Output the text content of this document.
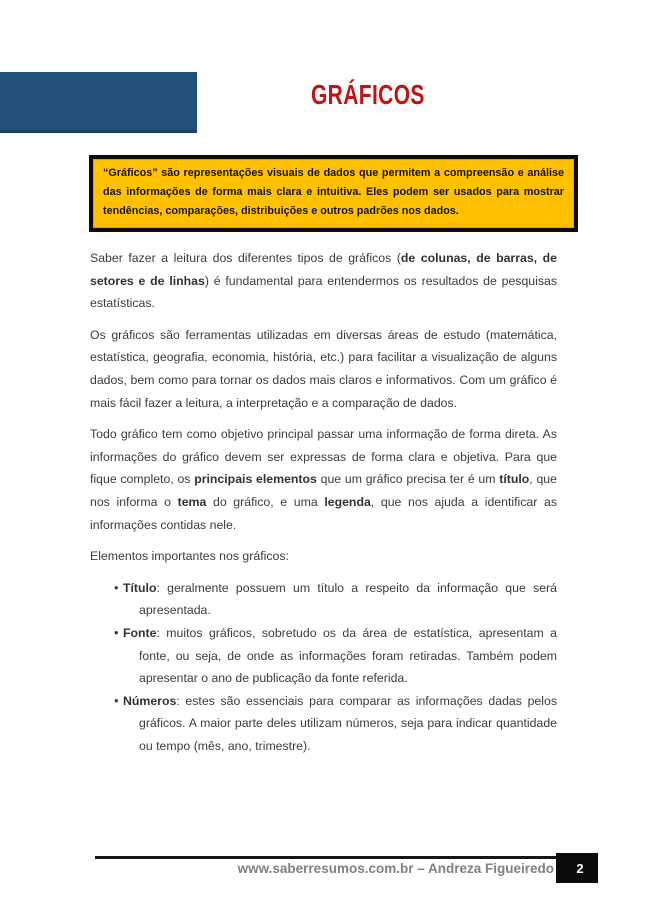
GRÁFICOS

“Gráficos” são representações visuais de dados que permitem a compreensão e análise das informações de forma mais clara e intuitiva. Eles podem ser usados para mostrar tendências, comparações, distribuições e outros padrões nos dados.

Saber fazer a leitura dos diferentes tipos de gráficos (de colunas, de barras, de setores e de linhas) é fundamental para entendermos os resultados de pesquisas estatísticas.

Os gráficos são ferramentas utilizadas em diversas áreas de estudo (matemática, estatística, geografia, economia, história, etc.) para facilitar a visualização de alguns dados, bem como para tornar os dados mais claros e informativos. Com um gráfico é mais fácil fazer a leitura, a interpretação e a comparação de dados.

Todo gráfico tem como objetivo principal passar uma informação de forma direta. As informações do gráfico devem ser expressas de forma clara e objetiva. Para que fique completo, os principais elementos que um gráfico precisa ter é um título, que nos informa o tema do gráfico, e uma legenda, que nos ajuda a identificar as informações contidas nele.

Elementos importantes nos gráficos:

• Título: geralmente possuem um título a respeito da informação que será apresentada.
• Fonte: muitos gráficos, sobretudo os da área de estatística, apresentam a fonte, ou seja, de onde as informações foram retiradas. Também podem apresentar o ano de publicação da fonte referida.
• Números: estes são essenciais para comparar as informações dadas pelos gráficos. A maior parte deles utilizam números, seja para indicar quantidade ou tempo (mês, ano, trimestre).
www.saberresumos.com.br – Andreza Figueiredo 2
